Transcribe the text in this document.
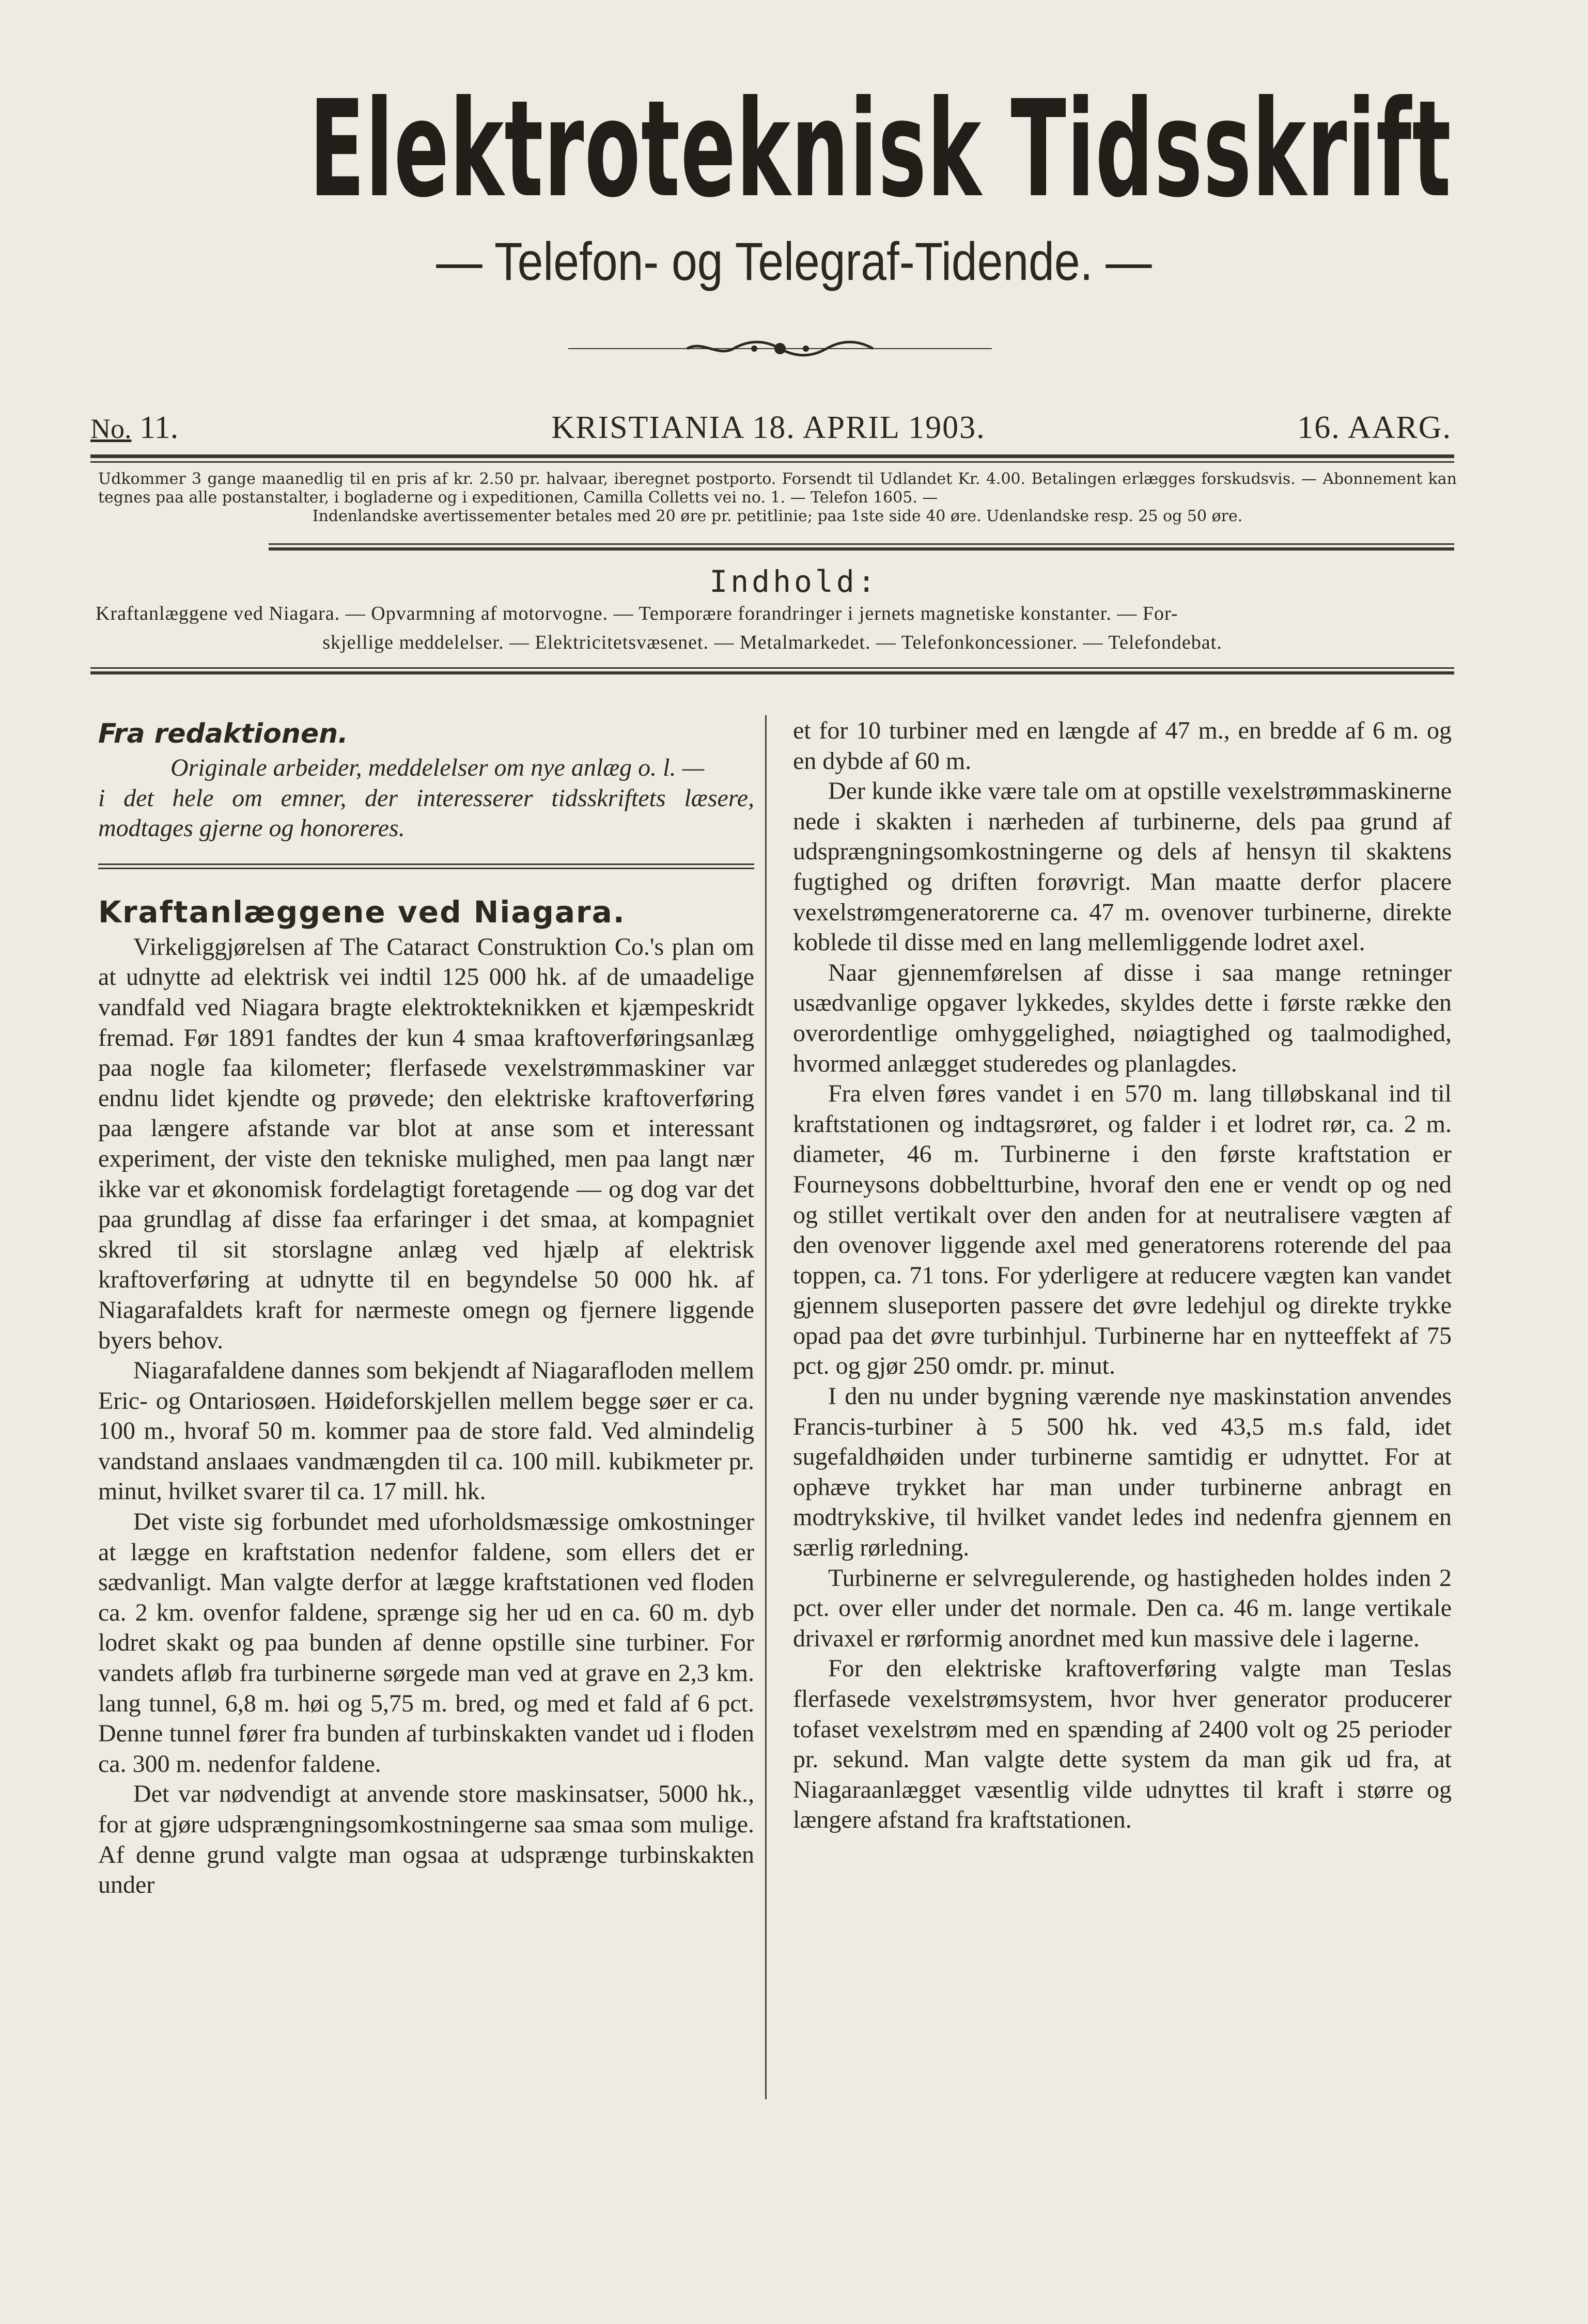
Elektroteknisk Tidsskrift
— Telefon- og Telegraf-Tidende. —
No. 11.	KRISTIANIA 18. APRIL 1903.	16. AARG.
Udkommer 3 gange maanedlig til en pris af kr. 2.50 pr. halvaar, iberegnet postporto. Forsendt til Udlandet Kr. 4.00. Betalingen erlægges forskudsvis. — Abonnement kan tegnes paa alle postanstalter, i bogladerne og i expeditionen, Camilla Colletts vei no. 1. — Telefon 1605. —
Indenlandske avertissementer betales med 20 øre pr. petitlinie; paa 1ste side 40 øre. Udenlandske resp. 25 og 50 øre.
Indhold:
Kraftanlæggene ved Niagara. — Opvarmning af motorvogne. — Temporære forandringer i jernets magnetiske konstanter. — For-
skjellige meddelelser. — Elektricitetsvæsenet. — Metalmarkedet. — Telefonkoncessioner. — Telefondebat.
Fra redaktionen.
Originale arbeider, meddelelser om nye anlæg o. l. —
i det hele om emner, der interesserer tidsskriftets læsere, modtages gjerne og honoreres.
Kraftanlæggene ved Niagara.

Virkeliggjørelsen af The Cataract Construktion Co.'s plan om at udnytte ad elektrisk vei indtil 125 000 hk. af de umaadelige vandfald ved Niagara bragte elektrokteknikken et kjæmpeskridt fremad. Før 1891 fandtes der kun 4 smaa kraftoverføringsanlæg paa nogle faa kilometer; flerfasede vexelstrømmaskiner var endnu lidet kjendte og prøvede; den elektriske kraftoverføring paa længere afstande var blot at anse som et interessant experiment, der viste den tekniske mulighed, men paa langt nær ikke var et økonomisk fordelagtigt foretagende — og dog var det paa grundlag af disse faa erfaringer i det smaa, at kompagniet skred til sit storslagne anlæg ved hjælp af elektrisk kraftoverføring at udnytte til en begyndelse 50 000 hk. af Niagarafaldets kraft for nærmeste omegn og fjernere liggende byers behov.

Niagarafaldene dannes som bekjendt af Niagarafloden mellem Eric- og Ontariosøen. Høideforskjellen mellem begge søer er ca. 100 m., hvoraf 50 m. kommer paa de store fald. Ved almindelig vandstand anslaaes vandmængden til ca. 100 mill. kubikmeter pr. minut, hvilket svarer til ca. 17 mill. hk.

Det viste sig forbundet med uforholdsmæssige omkostninger at lægge en kraftstation nedenfor faldene, som ellers det er sædvanligt. Man valgte derfor at lægge kraftstationen ved floden ca. 2 km. ovenfor faldene, sprænge sig her ud en ca. 60 m. dyb lodret skakt og paa bunden af denne opstille sine turbiner. For vandets afløb fra turbinerne sørgede man ved at grave en 2,3 km. lang tunnel, 6,8 m. høi og 5,75 m. bred, og med et fald af 6 pct. Denne tunnel fører fra bunden af turbinskakten vandet ud i floden ca. 300 m. nedenfor faldene.

Det var nødvendigt at anvende store maskinsatser, 5000 hk., for at gjøre udsprængningsomkostningerne saa smaa som mulige. Af denne grund valgte man ogsaa at udsprænge turbinskakten under

et for 10 turbiner med en længde af 47 m., en bredde af 6 m. og en dybde af 60 m.

Der kunde ikke være tale om at opstille vexelstrømmaskinerne nede i skakten i nærheden af turbinerne, dels paa grund af udsprængningsomkostningerne og dels af hensyn til skaktens fugtighed og driften forøvrigt. Man maatte derfor placere vexelstrømgeneratorerne ca. 47 m. ovenover turbinerne, direkte koblede til disse med en lang mellemliggende lodret axel.

Naar gjennemførelsen af disse i saa mange retninger usædvanlige opgaver lykkedes, skyldes dette i første række den overordentlige omhyggelighed, nøiagtighed og taalmodighed, hvormed anlægget studeredes og planlagdes.

Fra elven føres vandet i en 570 m. lang tilløbskanal ind til kraftstationen og indtagsrøret, og falder i et lodret rør, ca. 2 m. diameter, 46 m. Turbinerne i den første kraftstation er Fourneysons dobbeltturbine, hvoraf den ene er vendt op og ned og stillet vertikalt over den anden for at neutralisere vægten af den ovenover liggende axel med generatorens roterende del paa toppen, ca. 71 tons. For yderligere at reducere vægten kan vandet gjennem sluseporten passere det øvre ledehjul og direkte trykke opad paa det øvre turbinhjul. Turbinerne har en nytteeffekt af 75 pct. og gjør 250 omdr. pr. minut.

I den nu under bygning værende nye maskinstation anvendes Francis-turbiner à 5 500 hk. ved 43,5 m.s fald, idet sugefaldhøiden under turbinerne samtidig er udnyttet. For at ophæve trykket har man under turbinerne anbragt en modtrykskive, til hvilket vandet ledes ind nedenfra gjennem en særlig rørledning.

Turbinerne er selvregulerende, og hastigheden holdes inden 2 pct. over eller under det normale. Den ca. 46 m. lange vertikale drivaxel er rørformig anordnet med kun massive dele i lagerne.

For den elektriske kraftoverføring valgte man Teslas flerfasede vexelstrømsystem, hvor hver generator producerer tofaset vexelstrøm med en spænding af 2400 volt og 25 perioder pr. sekund. Man valgte dette system da man gik ud fra, at Niagaraanlægget væsentlig vilde udnyttes til kraft i større og længere afstand fra kraftstationen.
